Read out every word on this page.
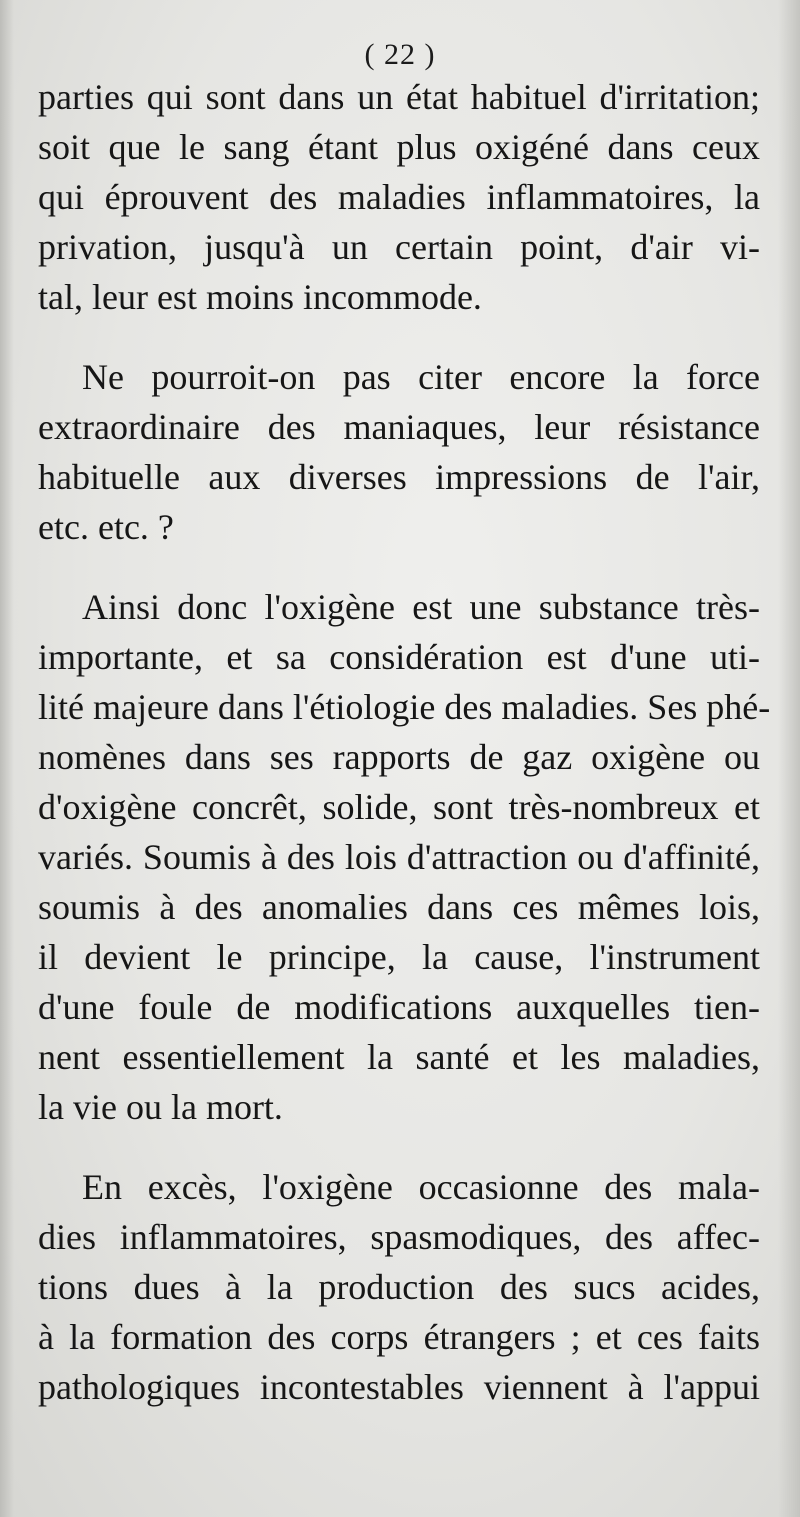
( 22 )
parties qui sont dans un état habituel d'irritation;
soit que le sang étant plus oxigéné dans ceux
qui éprouvent des maladies inflammatoires, la
privation, jusqu'à un certain point, d'air vi-
tal, leur est moins incommode.
Ne pourroit-on pas citer encore la force
extraordinaire des maniaques, leur résistance
habituelle aux diverses impressions de l'air,
etc. etc. ?
Ainsi donc l'oxigène est une substance très-
importante, et sa considération est d'une uti-
lité majeure dans l'étiologie des maladies. Ses phé-
nomènes dans ses rapports de gaz oxigène ou
d'oxigène concrêt, solide, sont très-nombreux et
variés. Soumis à des lois d'attraction ou d'affinité,
soumis à des anomalies dans ces mêmes lois,
il devient le principe, la cause, l'instrument
d'une foule de modifications auxquelles tien-
nent essentiellement la santé et les maladies,
la vie ou la mort.
En excès, l'oxigène occasionne des mala-
dies inflammatoires, spasmodiques, des affec-
tions dues à la production des sucs acides,
à la formation des corps étrangers ; et ces faits
pathologiques incontestables viennent à l'appui
